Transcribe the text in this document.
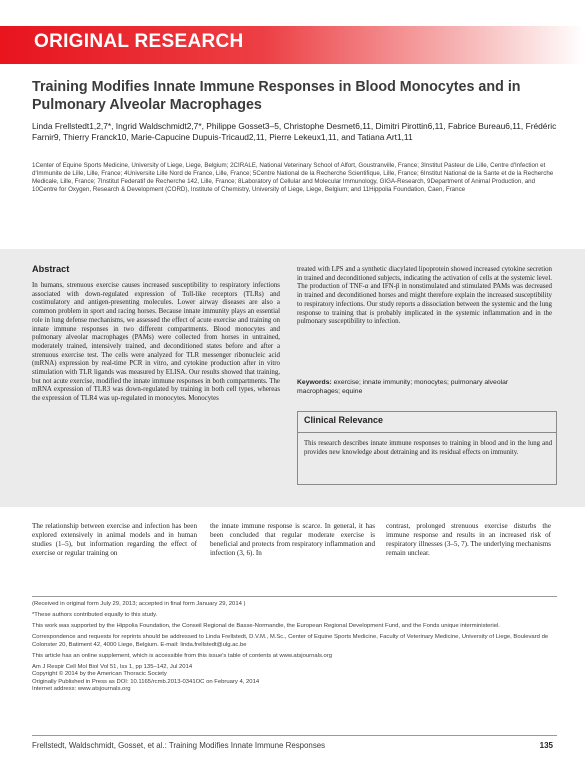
ORIGINAL RESEARCH
Training Modifies Innate Immune Responses in Blood Monocytes and in Pulmonary Alveolar Macrophages
Linda Frellstedt1,2,7*, Ingrid Waldschmidt2,7*, Philippe Gosset3–5, Christophe Desmet6,11, Dimitri Pirottin6,11, Fabrice Bureau6,11, Frédéric Farnir9, Thierry Franck10, Marie-Capucine Dupuis-Tricaud2,11, Pierre Lekeux1,11, and Tatiana Art1,11
1Center of Equine Sports Medicine, University of Liege, Liege, Belgium; 2CIRALE, National Veterinary School of Alfort, Goustranville, France; 3Institut Pasteur de Lille, Centre d'Infection et d'Immunite de Lille, Lille, France; 4Universite Lille Nord de France, Lille, France; 5Centre National de la Recherche Scientifique, Lille, France; 6Institut National de la Sante et de la Recherche Medicale, Lille, France; 7Institut Federatif de Recherche 142, Lille, France; 8Laboratory of Cellular and Molecular Immunology, GIGA-Research, 9Department of Animal Production, and 10Centre for Oxygen, Research & Development (CORD), Institute of Chemistry, University of Liege, Liege, Belgium; and 11Hippolia Foundation, Caen, France
Abstract

In humans, strenuous exercise causes increased susceptibility to respiratory infections associated with down-regulated expression of Toll-like receptors (TLRs) and costimulatory and antigen-presenting molecules. Lower airway diseases are also a common problem in sport and racing horses. Because innate immunity plays an essential role in lung defense mechanisms, we assessed the effect of acute exercise and training on innate immune responses in two different compartments. Blood monocytes and pulmonary alveolar macrophages (PAMs) were collected from horses in untrained, moderately trained, intensively trained, and deconditioned states before and after a strenuous exercise test. The cells were analyzed for TLR messenger ribonucleic acid (mRNA) expression by real-time PCR in vitro, and cytokine production after in vitro stimulation with TLR ligands was measured by ELISA. Our results showed that training, but not acute exercise, modified the innate immune responses in both compartments. The mRNA expression of TLR3 was down-regulated by training in both cell types, whereas the expression of TLR4 was up-regulated in monocytes. Monocytes

treated with LPS and a synthetic diacylated lipoprotein showed increased cytokine secretion in trained and deconditioned subjects, indicating the activation of cells at the systemic level. The production of TNF-α and IFN-β in nonstimulated and stimulated PAMs was decreased in trained and deconditioned horses and might therefore explain the increased susceptibility to respiratory infections. Our study reports a dissociation between the systemic and the lung response to training that is probably implicated in the systemic inflammation and in the pulmonary susceptibility to infection.

Keywords: exercise; innate immunity; monocytes; pulmonary alveolar macrophages; equine

Clinical Relevance

This research describes innate immune responses to training in blood and in the lung and provides new knowledge about detraining and its residual effects on immunity.

The relationship between exercise and infection has been explored extensively in animal models and in human studies (1–5), but information regarding the effect of exercise or regular training on

the innate immune response is scarce. In general, it has been concluded that regular moderate exercise is beneficial and protects from respiratory inflammation and infection (3, 6). In

contrast, prolonged strenuous exercise disturbs the immune response and results in an increased risk of respiratory illnesses (3–5, 7). The underlying mechanisms remain unclear.

(Received in original form July 29, 2013; accepted in final form January 29, 2014 )

*These authors contributed equally to this study.

This work was supported by the Hippolia Foundation, the Conseil Regional de Basse-Normandie, the European Regional Development Fund, and the Fonds unique interministeriel.

Correspondence and requests for reprints should be addressed to Linda Frellstedt, D.V.M., M.Sc., Center of Equine Sports Medicine, Faculty of Veterinary Medicine, University of Liege, Boulevard de Colonster 20, Batiment 42, 4000 Liege, Belgium. E-mail: linda.frellstedt@ulg.ac.be

This article has an online supplement, which is accessible from this issue's table of contents at www.atsjournals.org

Am J Respir Cell Mol Biol Vol 51, Iss 1, pp 135–142, Jul 2014

Copyright © 2014 by the American Thoracic Society

Originally Published in Press as DOI: 10.1165/rcmb.2013-0341OC on February 4, 2014

Internet address: www.atsjournals.org

Frellstedt, Waldschmidt, Gosset, et al.: Training Modifies Innate Immune Responses	135
